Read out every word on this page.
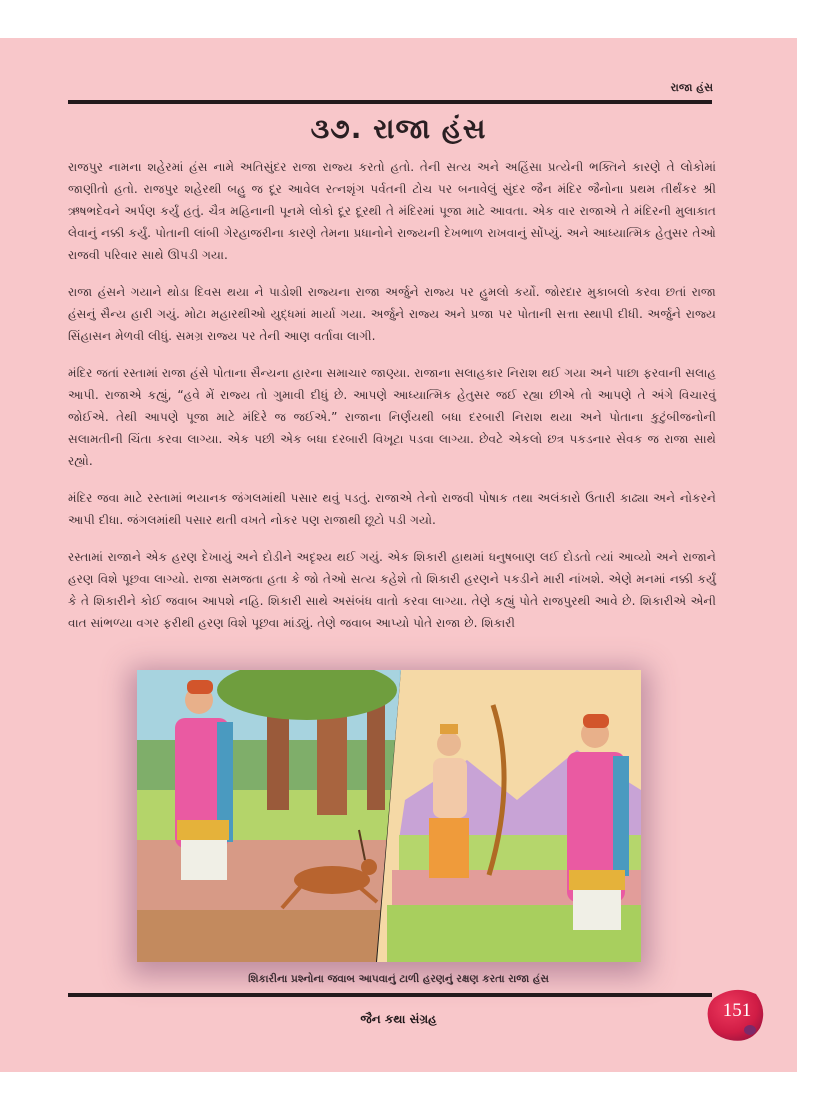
રાજા હંસ
૩૭. રાજા હંસ

રાજપુર નામના શહેરમાં હંસ નામે અતિસુંદર રાજા રાજ્ય કરતો હતો. તેની સત્ય અને અહિંસા પ્રત્યેની ભક્તિને કારણે તે લોકોમાં જાણીતો હતો. રાજપુર શહેરથી બહુ જ દૂર આવેલ રત્નશૃંગ પર્વતની ટોચ પર બનાવેલું સુંદર જૈન મંદિર જૈનોના પ્રથમ તીર્થંકર શ્રી ઋષભદેવને અર્પણ કર્યું હતું. ચૈત્ર મહિનાની પૂનમે લોકો દૂર દૂરથી તે મંદિરમાં પૂજા માટે આવતા. એક વાર રાજાએ તે મંદિરની મુલાકાત લેવાનું નક્કી કર્યું. પોતાની લાંબી ગેરહાજરીના કારણે તેમના પ્રધાનોને રાજ્યની દેખભાળ રાખવાનું સોંપ્યું. અને આધ્યાત્મિક હેતુસર તેઓ રાજવી પરિવાર સાથે ઊપડી ગયા.

રાજા હંસને ગયાને થોડા દિવસ થયા ને પાડોશી રાજ્યના રાજા અર્જુને રાજ્ય પર હુમલો કર્યો. જોરદાર મુકાબલો કરવા છતાં રાજા હંસનું સૈન્ય હારી ગયું. મોટા મહારથીઓ યુદ્ધમાં માર્યા ગયા. અર્જુને રાજ્ય અને પ્રજા પર પોતાની સત્તા સ્થાપી દીધી. અર્જુને રાજ્ય સિંહાસન મેળવી લીધું. સમગ્ર રાજ્ય પર તેની આણ વર્તાવા લાગી.

મંદિર જતાં રસ્તામાં રાજા હંસે પોતાના સૈન્યના હારના સમાચાર જાણ્યા. રાજાના સલાહકાર નિરાશ થઈ ગયા અને પાછા ફરવાની સલાહ આપી. રાજાએ કહ્યું, “હવે મેં રાજ્ય તો ગુમાવી દીધું છે. આપણે આધ્યાત્મિક હેતુસર જઈ રહ્યા છીએ તો આપણે તે અંગે વિચારવું જોઈએ. તેથી આપણે પૂજા માટે મંદિરે જ જઈએ.” રાજાના નિર્ણયથી બધા દરબારી નિરાશ થયા અને પોતાના કુટુંબીજનોની સલામતીની ચિંતા કરવા લાગ્યા. એક પછી એક બધા દરબારી વિખૂટા પડવા લાગ્યા. છેવટે એકલો છત્ર પકડનાર સેવક જ રાજા સાથે રહ્યો.

મંદિર જવા માટે રસ્તામાં ભયાનક જંગલમાંથી પસાર થવું પડતું. રાજાએ તેનો રાજવી પોષાક તથા અલંકારો ઉતારી કાઢ્યા અને નોકરને આપી દીધા. જંગલમાંથી પસાર થતી વખતે નોકર પણ રાજાથી છૂટો પડી ગયો.

રસ્તામાં રાજાને એક હરણ દેખાયું અને દોડીને અદૃશ્ય થઈ ગયું. એક શિકારી હાથમાં ધનુષબાણ લઈ દોડતો ત્યાં આવ્યો અને રાજાને હરણ વિશે પૂછવા લાગ્યો. રાજા સમજતા હતા કે જો તેઓ સત્ય કહેશે તો શિકારી હરણને પકડીને મારી નાંખશે. એણે મનમાં નક્કી કર્યું કે તે શિકારીને કોઈ જવાબ આપશે નહિ. શિકારી સાથે અસંબંધ વાતો કરવા લાગ્યા. તેણે કહ્યું પોતે રાજપુરથી આવે છે. શિકારીએ એની વાત સાંભળ્યા વગર ફરીથી હરણ વિશે પૂછવા માંડ્યું. તેણે જવાબ આપ્યો પોતે રાજા છે. શિકારી

શિકારીના પ્રશ્નોના જવાબ આપવાનું ટાળી હરણનું રક્ષણ કરતા રાજા હંસ
જૈન કથા સંગ્રહ	151
